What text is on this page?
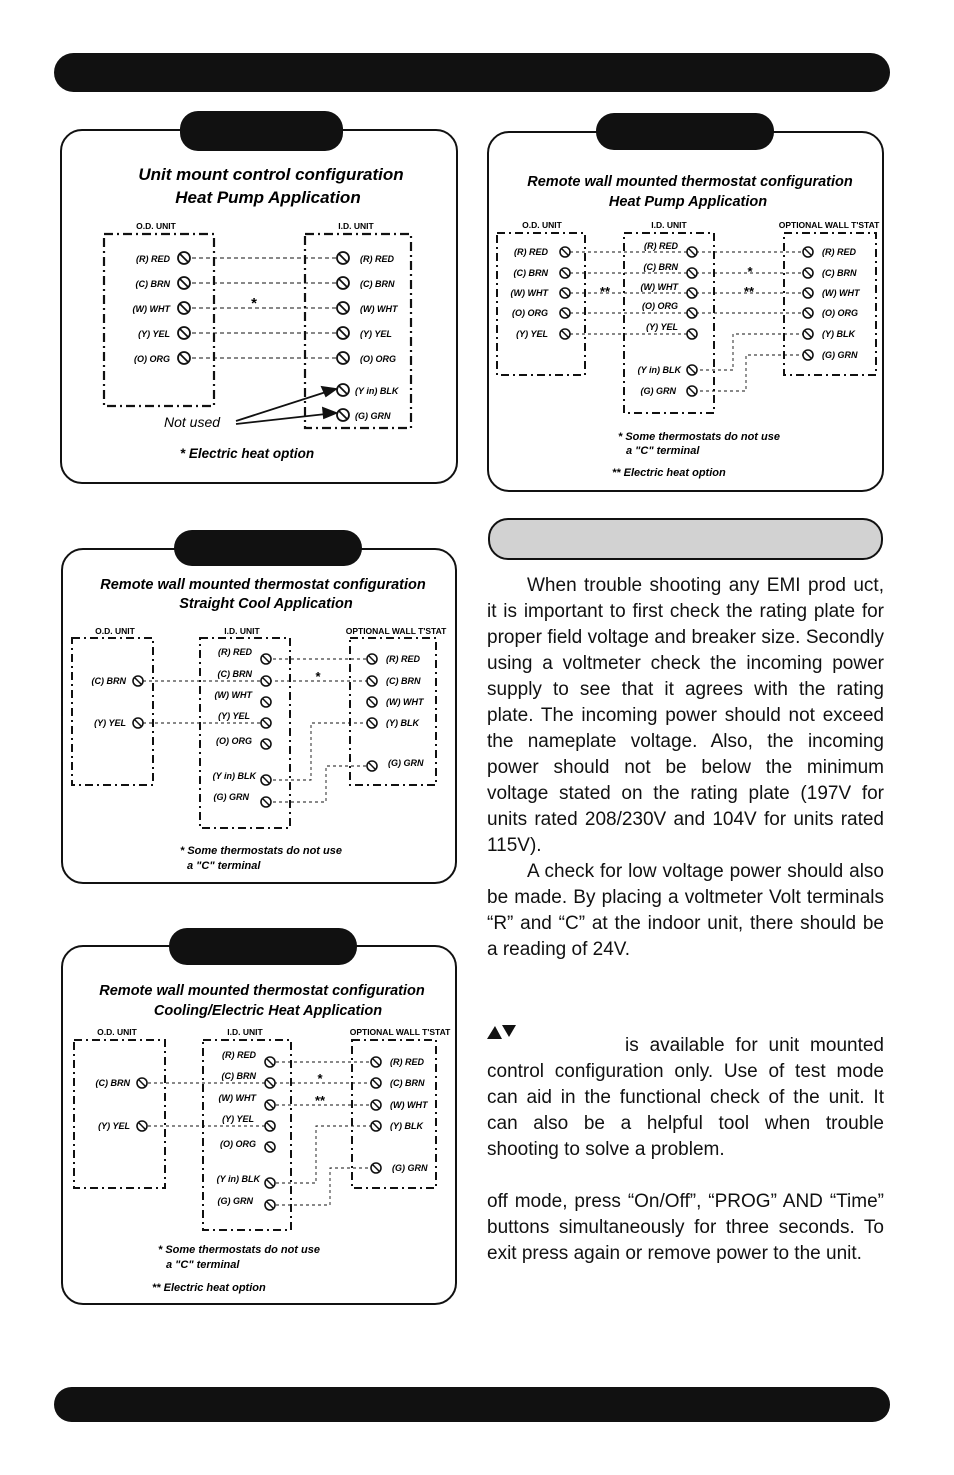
Unit mount control configuration
Heat Pump Application
O.D. UNIT	I.D. UNIT
(R) RED
(C) BRN
(W) WHT
(Y) YEL
(O) ORG
(R) RED
(C) BRN
(W) WHT
(Y) YEL
(O) ORG
(Y in) BLK
(G) GRN
*
Not used
* Electric heat option
Remote wall mounted thermostat configuration
Heat Pump Application
O.D. UNIT	I.D. UNIT	OPTIONAL WALL T'STAT
(R) RED
(C) BRN
(W) WHT
(O) ORG
(Y) YEL
(R) RED
(C) BRN
(W) WHT
(O) ORG
(Y) YEL
(Y in) BLK
(G) GRN
(R) RED
(C) BRN
(W) WHT
(O) ORG
(Y) BLK
(G) GRN
*
**	**
* Some thermostats do not use
a "C" terminal
** Electric heat option
Remote wall mounted thermostat configuration
Straight Cool Application
O.D. UNIT	I.D. UNIT	OPTIONAL WALL T'STAT
(C) BRN
(Y) YEL
(R) RED
(C) BRN
(W) WHT
(Y) YEL
(O) ORG
(Y in) BLK
(G) GRN
(R) RED
(C) BRN
(W) WHT
(Y) BLK
(G) GRN
*
* Some thermostats do not use
a "C" terminal
Remote wall mounted thermostat configuration
Cooling/Electric Heat Application
O.D. UNIT	I.D. UNIT	OPTIONAL WALL T'STAT
(C) BRN
(Y) YEL
(R) RED
(C) BRN
(W) WHT
(Y) YEL
(O) ORG
(Y in) BLK
(G) GRN
(R) RED
(C) BRN
(W) WHT
(Y) BLK
(G) GRN
*
**
* Some thermostats do not use
a "C" terminal
** Electric heat option

When trouble shooting any EMI prod uct, it is important to first check the rating plate for proper field voltage and breaker size. Secondly using a voltmeter check the incoming power supply to see that it agrees with the rating plate. The incoming power should not exceed the nameplate voltage. Also, the incoming power should not be below the minimum voltage stated on the rating plate (197V for units rated 208/230V and 104V for units rated 115V).

A check for low voltage power should also be made. By placing a voltmeter Volt terminals “R” and “C” at the indoor unit, there should be a reading of 24V.

is available for unit mounted control configuration only. Use of test mode can aid in the functional check of the unit. It can also be a helpful tool when trouble shooting to solve a problem.

off mode, press “On/Off”, “PROG” AND “Time” buttons simultaneously for three seconds. To exit press again or remove power to the unit.
